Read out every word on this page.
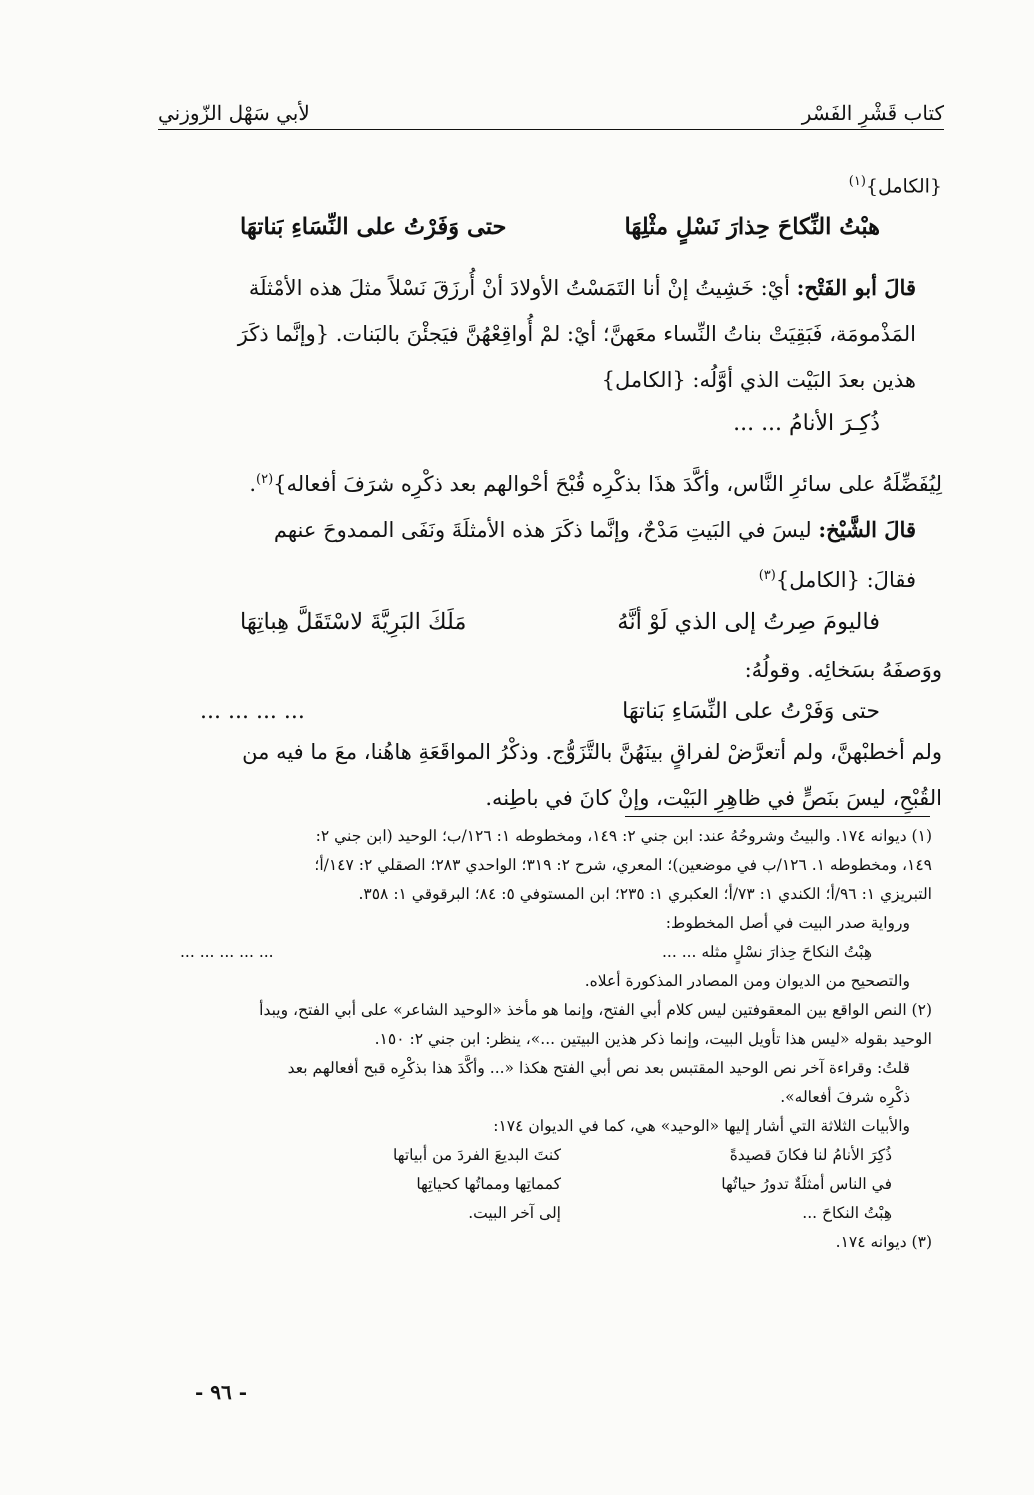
كتاب قَشْرِ الفَسْر
لأبي سَهْل الزّوزني
{الكامل}$^{(١)}$
هبْتُ النِّكاحَ حِذارَ نَسْلٍ مثْلِهَا
حتى وَفَرْتُ على النِّسَاءِ بَناتهَا
قالَ أبو الفَتْح: أيْ: خَشِيتُ إنْ أنا التَمَسْتُ الأولادَ أنْ أُرزَقَ نَسْلاً مثلَ هذه الأمْثلَة
المَذْمومَة، فَبَقِيَتْ بناتُ النِّساء معَهنَّ؛ أيْ: لمْ أُواقِعْهُنَّ فيَجئْنَ بالبَنات. {وإنَّما ذكَرَ
هذين بعدَ البَيْت الذي أوَّلُه: {الكامل}
ذُكِـرَ الأنامُ ... ...
لِيُفَضِّلَهُ على سائرِ النَّاس، وأكَّدَ هذَا بذكْرِه قُبْحَ أحْوالهم بعد ذكْرِه شرَفَ أفعاله}$^{(٢)}$.
قالَ الشَّيْخ: ليسَ في البَيتِ مَدْحٌ، وإنَّما ذكَرَ هذه الأمثلَةَ ونَفَى الممدوحَ عنهم
فقالَ: {الكامل}$^{(٣)}$
فاليومَ صِرتُ إلى الذي لَوْ أنَّهُ
مَلَكَ البَرِيَّةَ لاسْتَقَلَّ هِباتِهَا
ووَصفَهُ بسَخائِه. وقولُهُ:
حتى وَفَرْتُ على النِّسَاءِ بَناتهَا
... ... ... ...
ولم أخطبْهنَّ، ولم أتعرَّضْ لفراقٍ بينَهُنَّ بالتَّزَوُّج. وذكْرُ المواقَعَةِ هاهُنا، معَ ما فيه من
القُبْحِ، ليسَ بنَصٍّ في ظاهِرِ البَيْت، وإنْ كانَ في باطِنه.
(١) ديوانه ١٧٤. والبيتُ وشروحُهُ عند: ابن جني ٢: ١٤٩، ومخطوطه ١: ١٢٦/ب؛ الوحيد (ابن جني ٢:
١٤٩، ومخطوطه ١. ١٢٦/ب في موضعين)؛ المعري، شرح ٢: ٣١٩؛ الواحدي ٢٨٣؛ الصقلي ٢: ١٤٧/أ؛
التبريزي ١: ٩٦/أ؛ الكندي ١: ٧٣/أ؛ العكبري ١: ٢٣٥؛ ابن المستوفي ٥: ٨٤؛ البرقوقي ١: ٣٥٨.
ورواية صدر البيت في أصل المخطوط:
هِبْتُ النكاحَ حِذارَ نسْلٍ مثله ... ...
... ... ... ... ...
والتصحيح من الديوان ومن المصادر المذكورة أعلاه.
(٢) النص الواقع بين المعقوفتين ليس كلام أبي الفتح، وإنما هو مأخذ «الوحيد الشاعر» على أبي الفتح، ويبدأ
الوحيد بقوله «ليس هذا تأويل البيت، وإنما ذكر هذين البيتين ...»، ينظر: ابن جني ٢: ١٥٠.
قلتُ: وقراءة آخر نص الوحيد المقتبس بعد نص أبي الفتح هكذا «... وأكَّدَ هذا بذكْرِه قبح أفعالهم بعد
ذكْرِه شرفَ أفعاله».
والأبيات الثلاثة التي أشار إليها «الوحيد» هي، كما في الديوان ١٧٤:
ذُكِرَ الأنامُ لنا فكانَ قصيدةً
كنتَ البديعَ الفردَ من أبياتها
في الناس أمثلَةٌ تدورُ حياتُها
كمماتِها ومماتُها كحياتِها
هِبْتُ النكاحَ ...
إلى آخر البيت.
(٣) ديوانه ١٧٤.
- ٩٦ -
